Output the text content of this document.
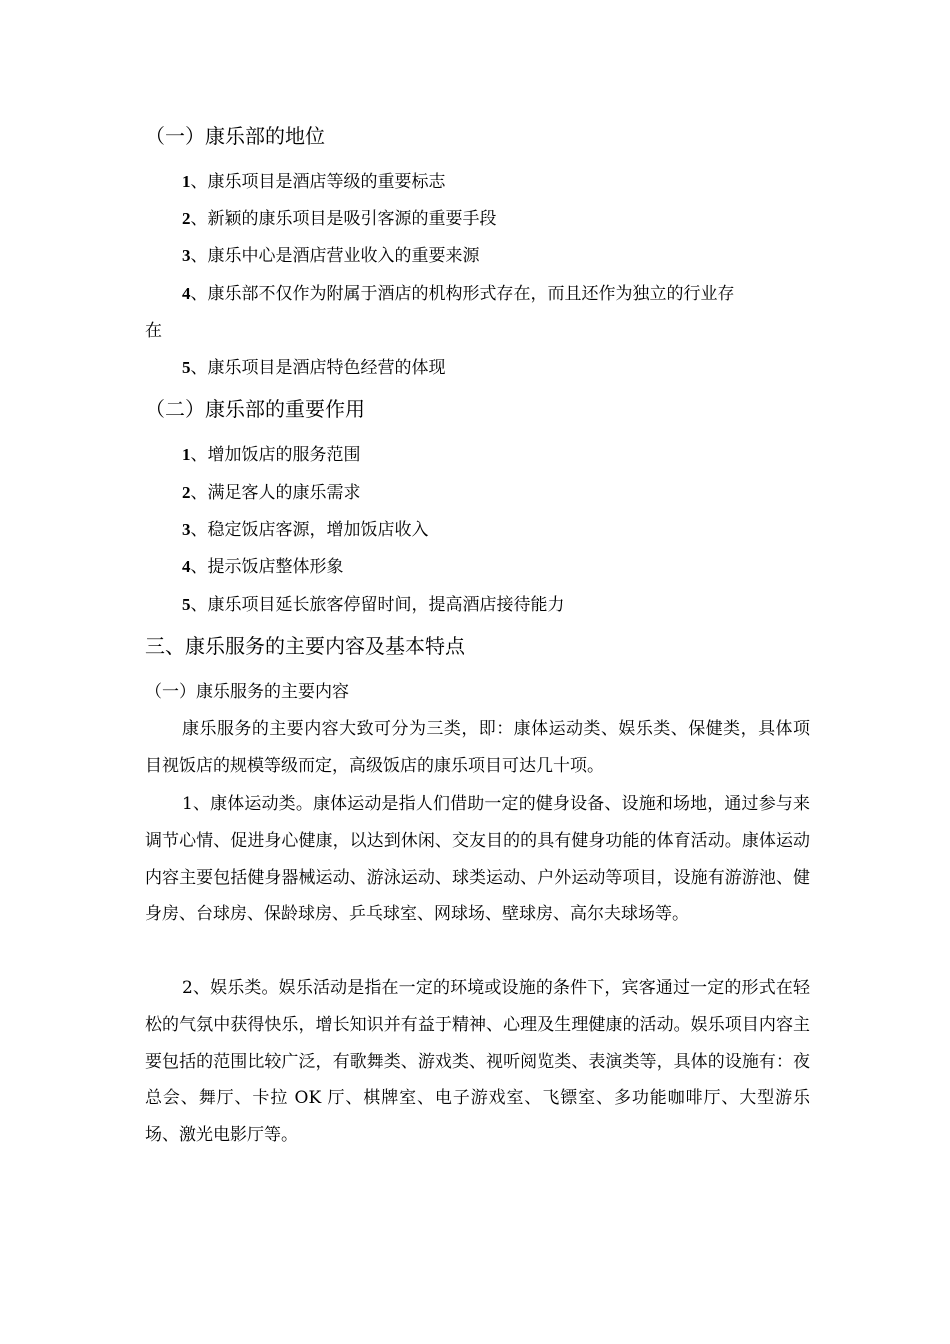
（一）康乐部的地位
1、康乐项目是酒店等级的重要标志
2、新颖的康乐项目是吸引客源的重要手段
3、康乐中心是酒店营业收入的重要来源
4、康乐部不仅作为附属于酒店的机构形式存在，而且还作为独立的行业存
在
5、康乐项目是酒店特色经营的体现
（二）康乐部的重要作用
1、增加饭店的服务范围
2、满足客人的康乐需求
3、稳定饭店客源，增加饭店收入
4、提示饭店整体形象
5、康乐项目延长旅客停留时间，提高酒店接待能力
三、康乐服务的主要内容及基本特点
（一）康乐服务的主要内容
康乐服务的主要内容大致可分为三类，即：康体运动类、娱乐类、保健类，具体项目视饭店的规模等级而定，高级饭店的康乐项目可达几十项。
1、康体运动类。康体运动是指人们借助一定的健身设备、设施和场地，通过参与来调节心情、促进身心健康，以达到休闲、交友目的的具有健身功能的体育活动。康体运动内容主要包括健身器械运动、游泳运动、球类运动、户外运动等项目，设施有游游池、健身房、台球房、保龄球房、乒乓球室、网球场、壁球房、高尔夫球场等。
2、娱乐类。娱乐活动是指在一定的环境或设施的条件下，宾客通过一定的形式在轻松的气氛中获得快乐，增长知识并有益于精神、心理及生理健康的活动。娱乐项目内容主要包括的范围比较广泛，有歌舞类、游戏类、视听阅览类、表演类等，具体的设施有：夜总会、舞厅、卡拉 OK 厅、棋牌室、电子游戏室、飞镖室、多功能咖啡厅、大型游乐场、激光电影厅等。
